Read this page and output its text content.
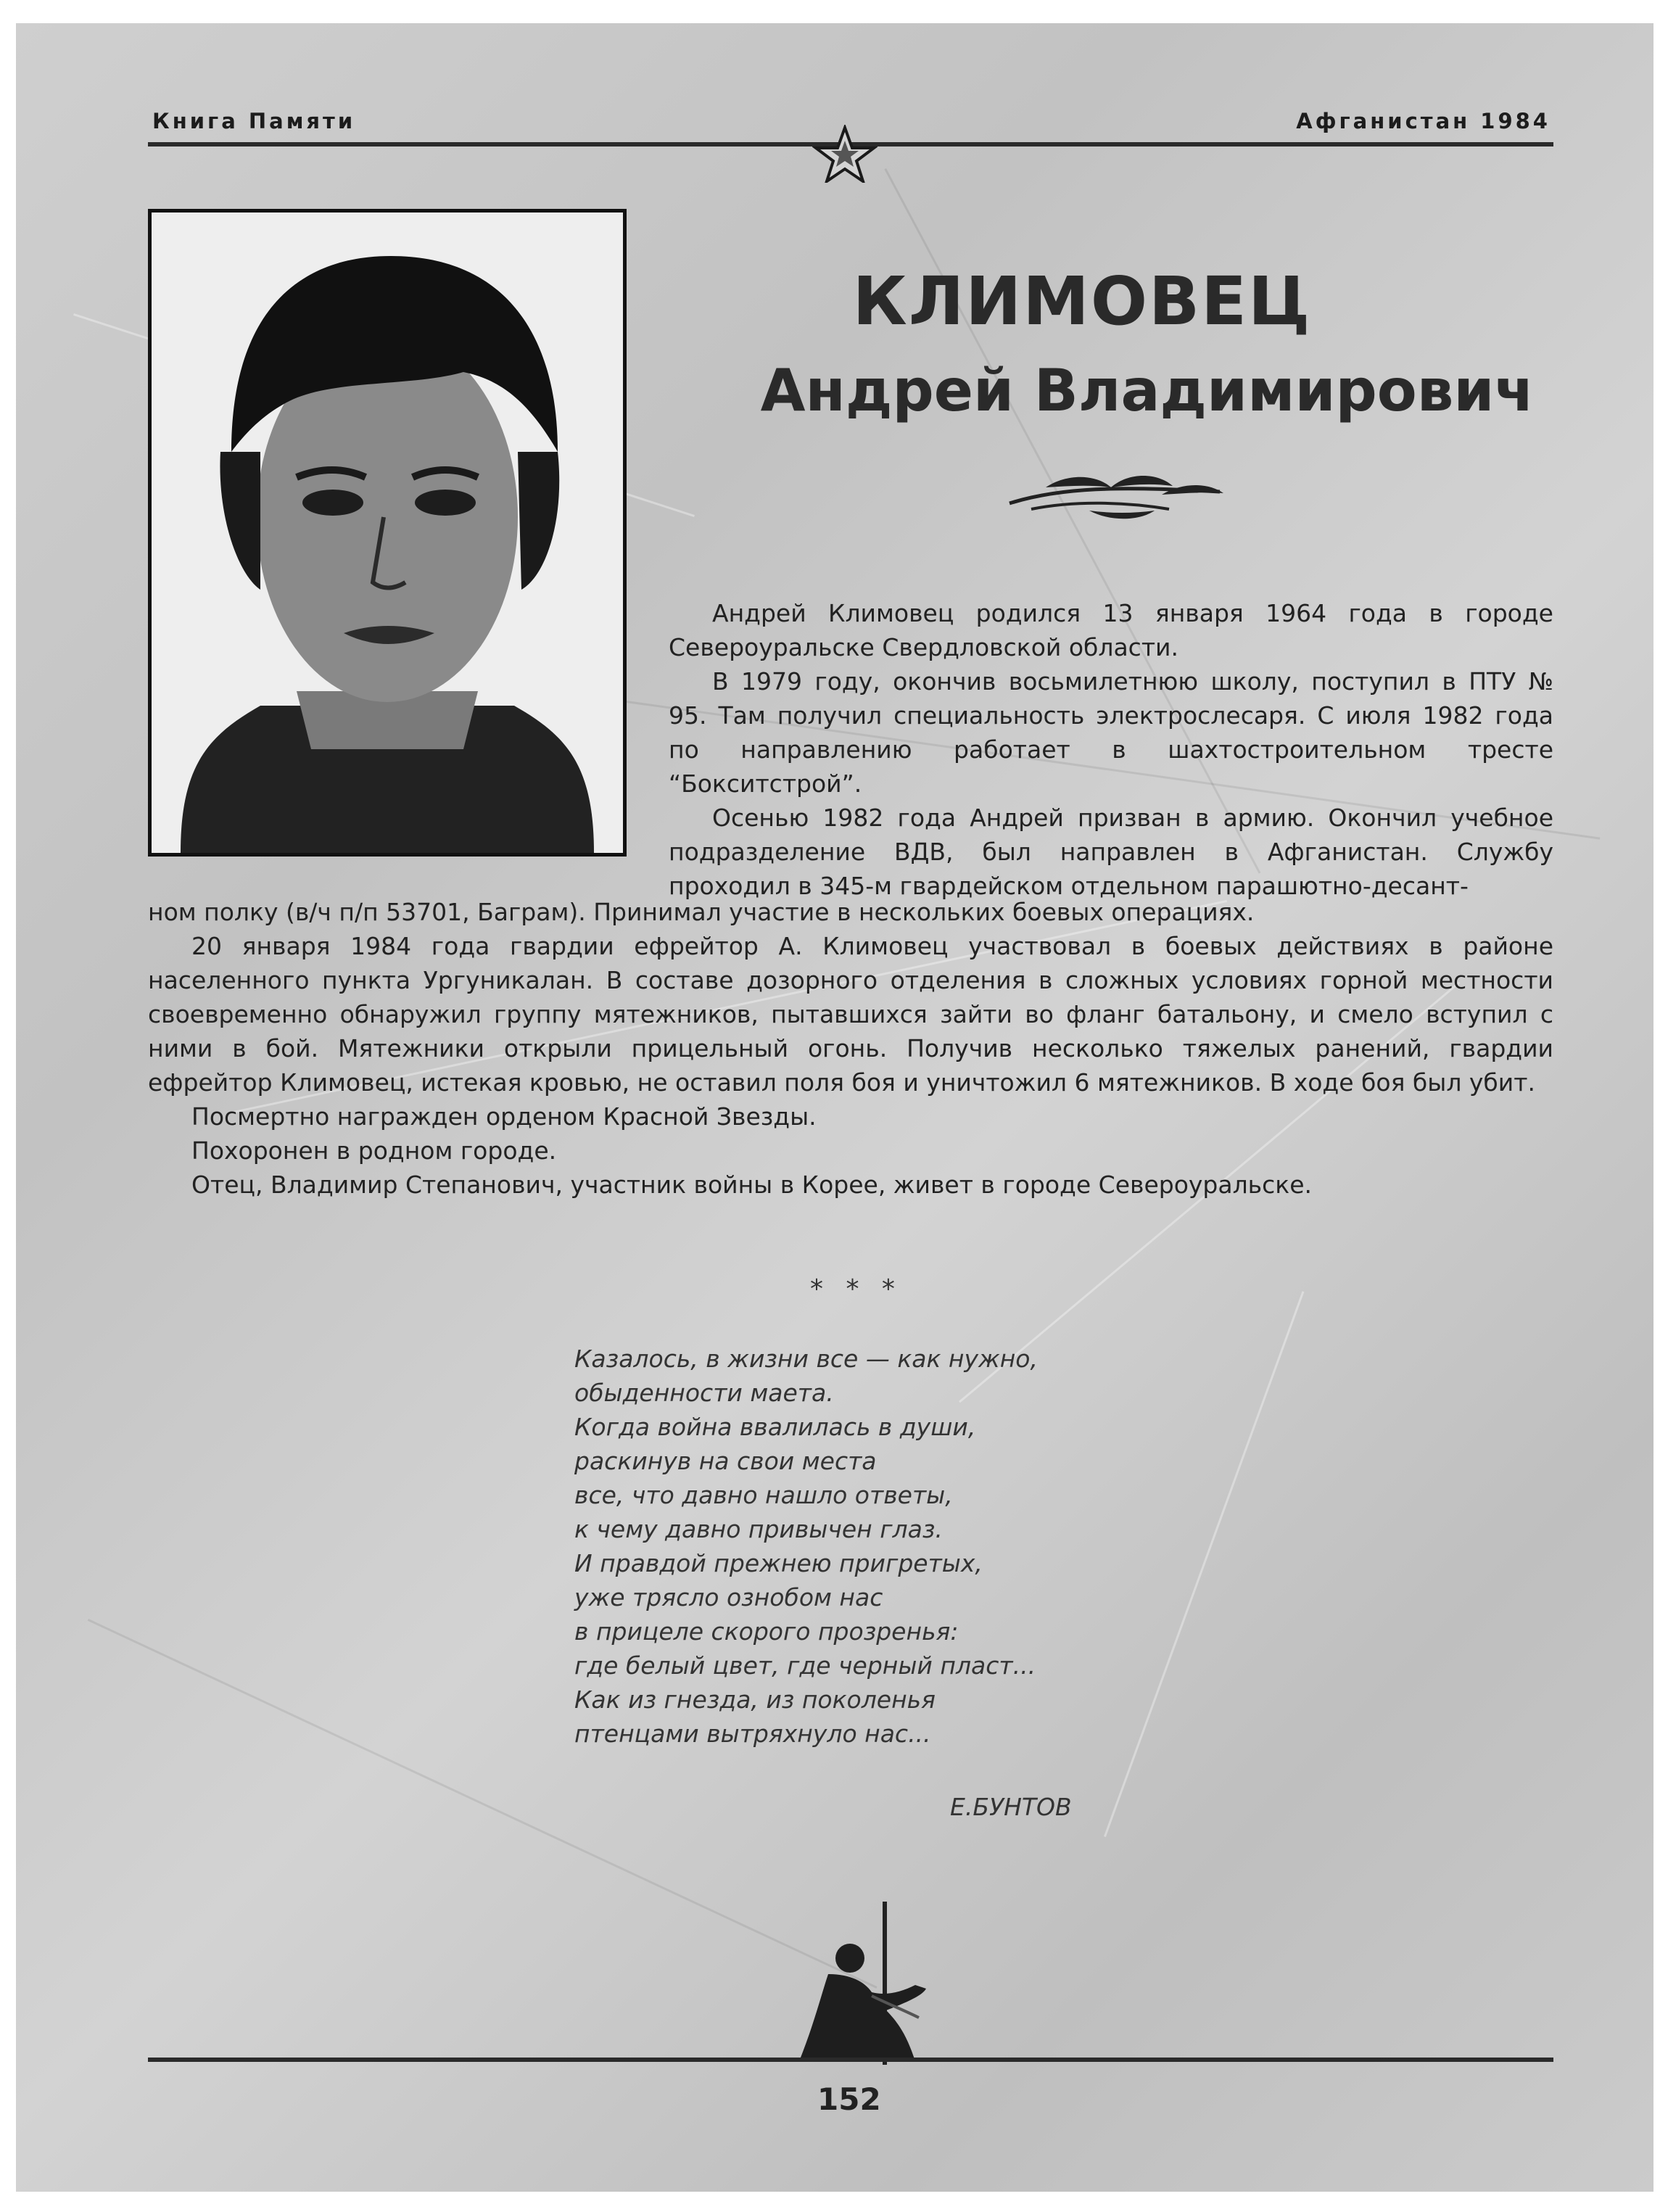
Книга Памяти	Афганистан 1984
КЛИМОВЕЦ
Андрей Владимирович

Андрей Климовец родился 13 января 1964 года в городе Североуральске Свердловской области.

В 1979 году, окончив восьмилетнюю школу, поступил в ПТУ № 95. Там получил специальность электрослесаря. С июля 1982 года по направлению работает в шахтостроительном тресте “Бокситстрой”.

Осенью 1982 года Андрей призван в армию. Окончил учебное подразделение ВДВ, был направлен в Афганистан. Службу проходил в 345-м гвардейском отдельном парашютно-десант-

ном полку (в/ч п/п 53701, Баграм). Принимал участие в нескольких боевых операциях.

20 января 1984 года гвардии ефрейтор А. Климовец участвовал в боевых действиях в районе населенного пункта Ургуникалан. В составе дозорного отделения в сложных условиях горной местности своевременно обнаружил группу мятежников, пытавшихся зайти во фланг батальону, и смело вступил с ними в бой. Мятежники открыли прицельный огонь. Получив несколько тяжелых ранений, гвардии ефрейтор Климовец, истекая кровью, не оставил поля боя и уничтожил 6 мятежников. В ходе боя был убит.

Посмертно награжден орденом Красной Звезды.

Похоронен в родном городе.

Отец, Владимир Степанович, участник войны в Корее, живет в городе Североуральске.

* * *
Казалось, в жизни все — как нужно,
обыденности маета.
Когда война ввалилась в души,
раскинув на свои места
все, что давно нашло ответы,
к чему давно привычен глаз.
И правдой прежнею пригретых,
уже трясло ознобом нас
в прицеле скорого прозренья:
где белый цвет, где черный пласт...
Как из гнезда, из поколенья
птенцами вытряхнуло нас...
Е.БУНТОВ
152
